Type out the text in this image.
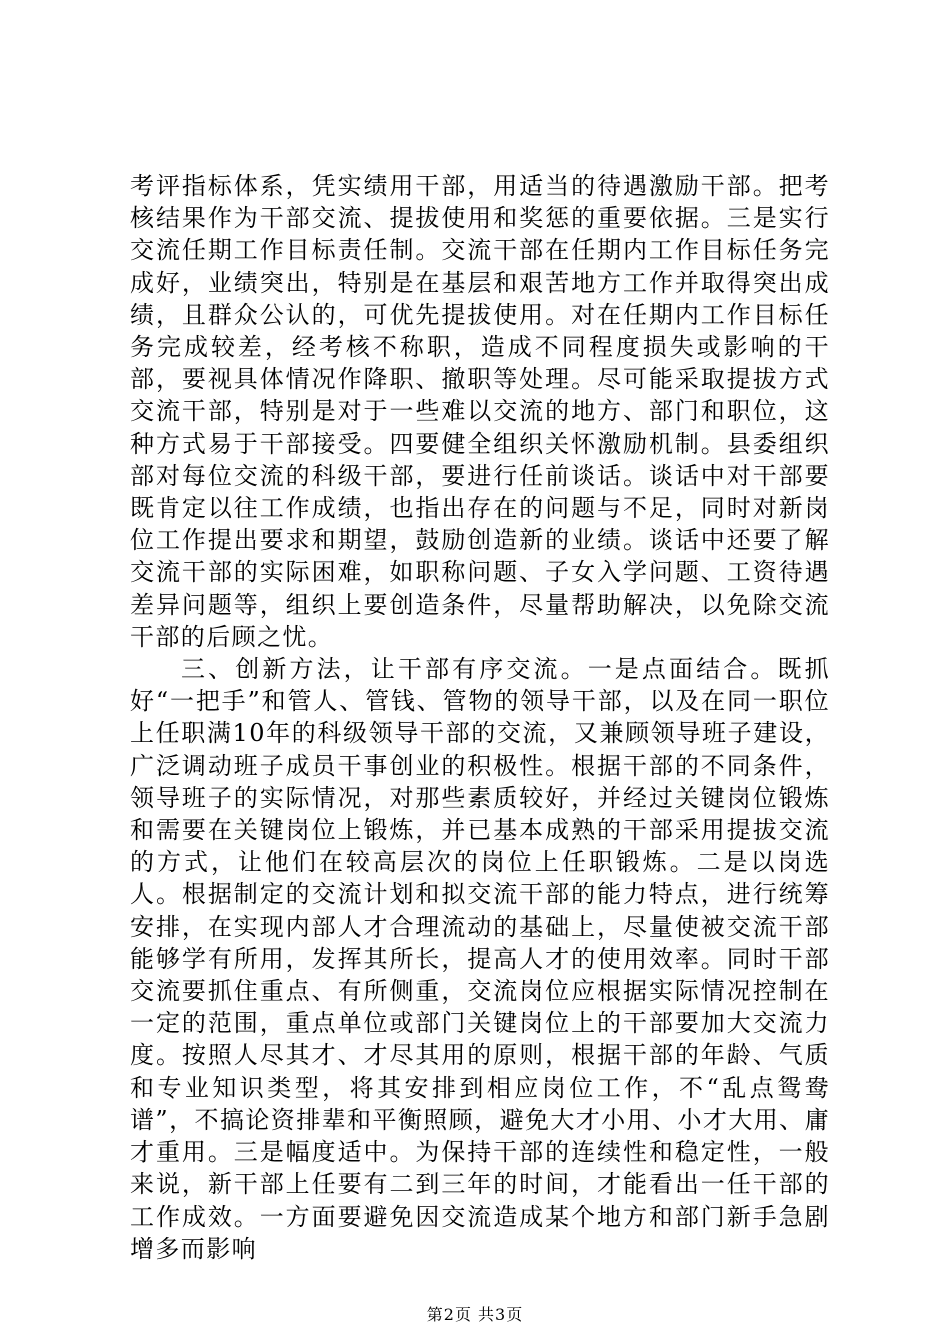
考评指标体系，凭实绩用干部，用适当的待遇激励干部。把考核结果作为干部交流、提拔使用和奖惩的重要依据。三是实行交流任期工作目标责任制。交流干部在任期内工作目标任务完成好，业绩突出，特别是在基层和艰苦地方工作并取得突出成绩，且群众公认的，可优先提拔使用。对在任期内工作目标任务完成较差，经考核不称职，造成不同程度损失或影响的干部，要视具体情况作降职、撤职等处理。尽可能采取提拔方式交流干部，特别是对于一些难以交流的地方、部门和职位，这种方式易于干部接受。四要健全组织关怀激励机制。县委组织部对每位交流的科级干部，要进行任前谈话。谈话中对干部要既肯定以往工作成绩，也指出存在的问题与不足，同时对新岗位工作提出要求和期望，鼓励创造新的业绩。谈话中还要了解交流干部的实际困难，如职称问题、子女入学问题、工资待遇差异问题等，组织上要创造条件，尽量帮助解决，以免除交流干部的后顾之忧。

三、创新方法，让干部有序交流。一是点面结合。既抓好“一把手”和管人、管钱、管物的领导干部，以及在同一职位上任职满10年的科级领导干部的交流，又兼顾领导班子建设，广泛调动班子成员干事创业的积极性。根据干部的不同条件，领导班子的实际情况，对那些素质较好，并经过关键岗位锻炼和需要在关键岗位上锻炼，并已基本成熟的干部采用提拔交流的方式，让他们在较高层次的岗位上任职锻炼。二是以岗选人。根据制定的交流计划和拟交流干部的能力特点，进行统筹安排，在实现内部人才合理流动的基础上，尽量使被交流干部能够学有所用，发挥其所长，提高人才的使用效率。同时干部交流要抓住重点、有所侧重，交流岗位应根据实际情况控制在一定的范围，重点单位或部门关键岗位上的干部要加大交流力度。按照人尽其才、才尽其用的原则，根据干部的年龄、气质和专业知识类型，将其安排到相应岗位工作，不“乱点鸳鸯谱”，不搞论资排辈和平衡照顾，避免大才小用、小才大用、庸才重用。三是幅度适中。为保持干部的连续性和稳定性，一般来说，新干部上任要有二到三年的时间，才能看出一任干部的工作成效。一方面要避免因交流造成某个地方和部门新手急剧增多而影响

第2页 共3页
